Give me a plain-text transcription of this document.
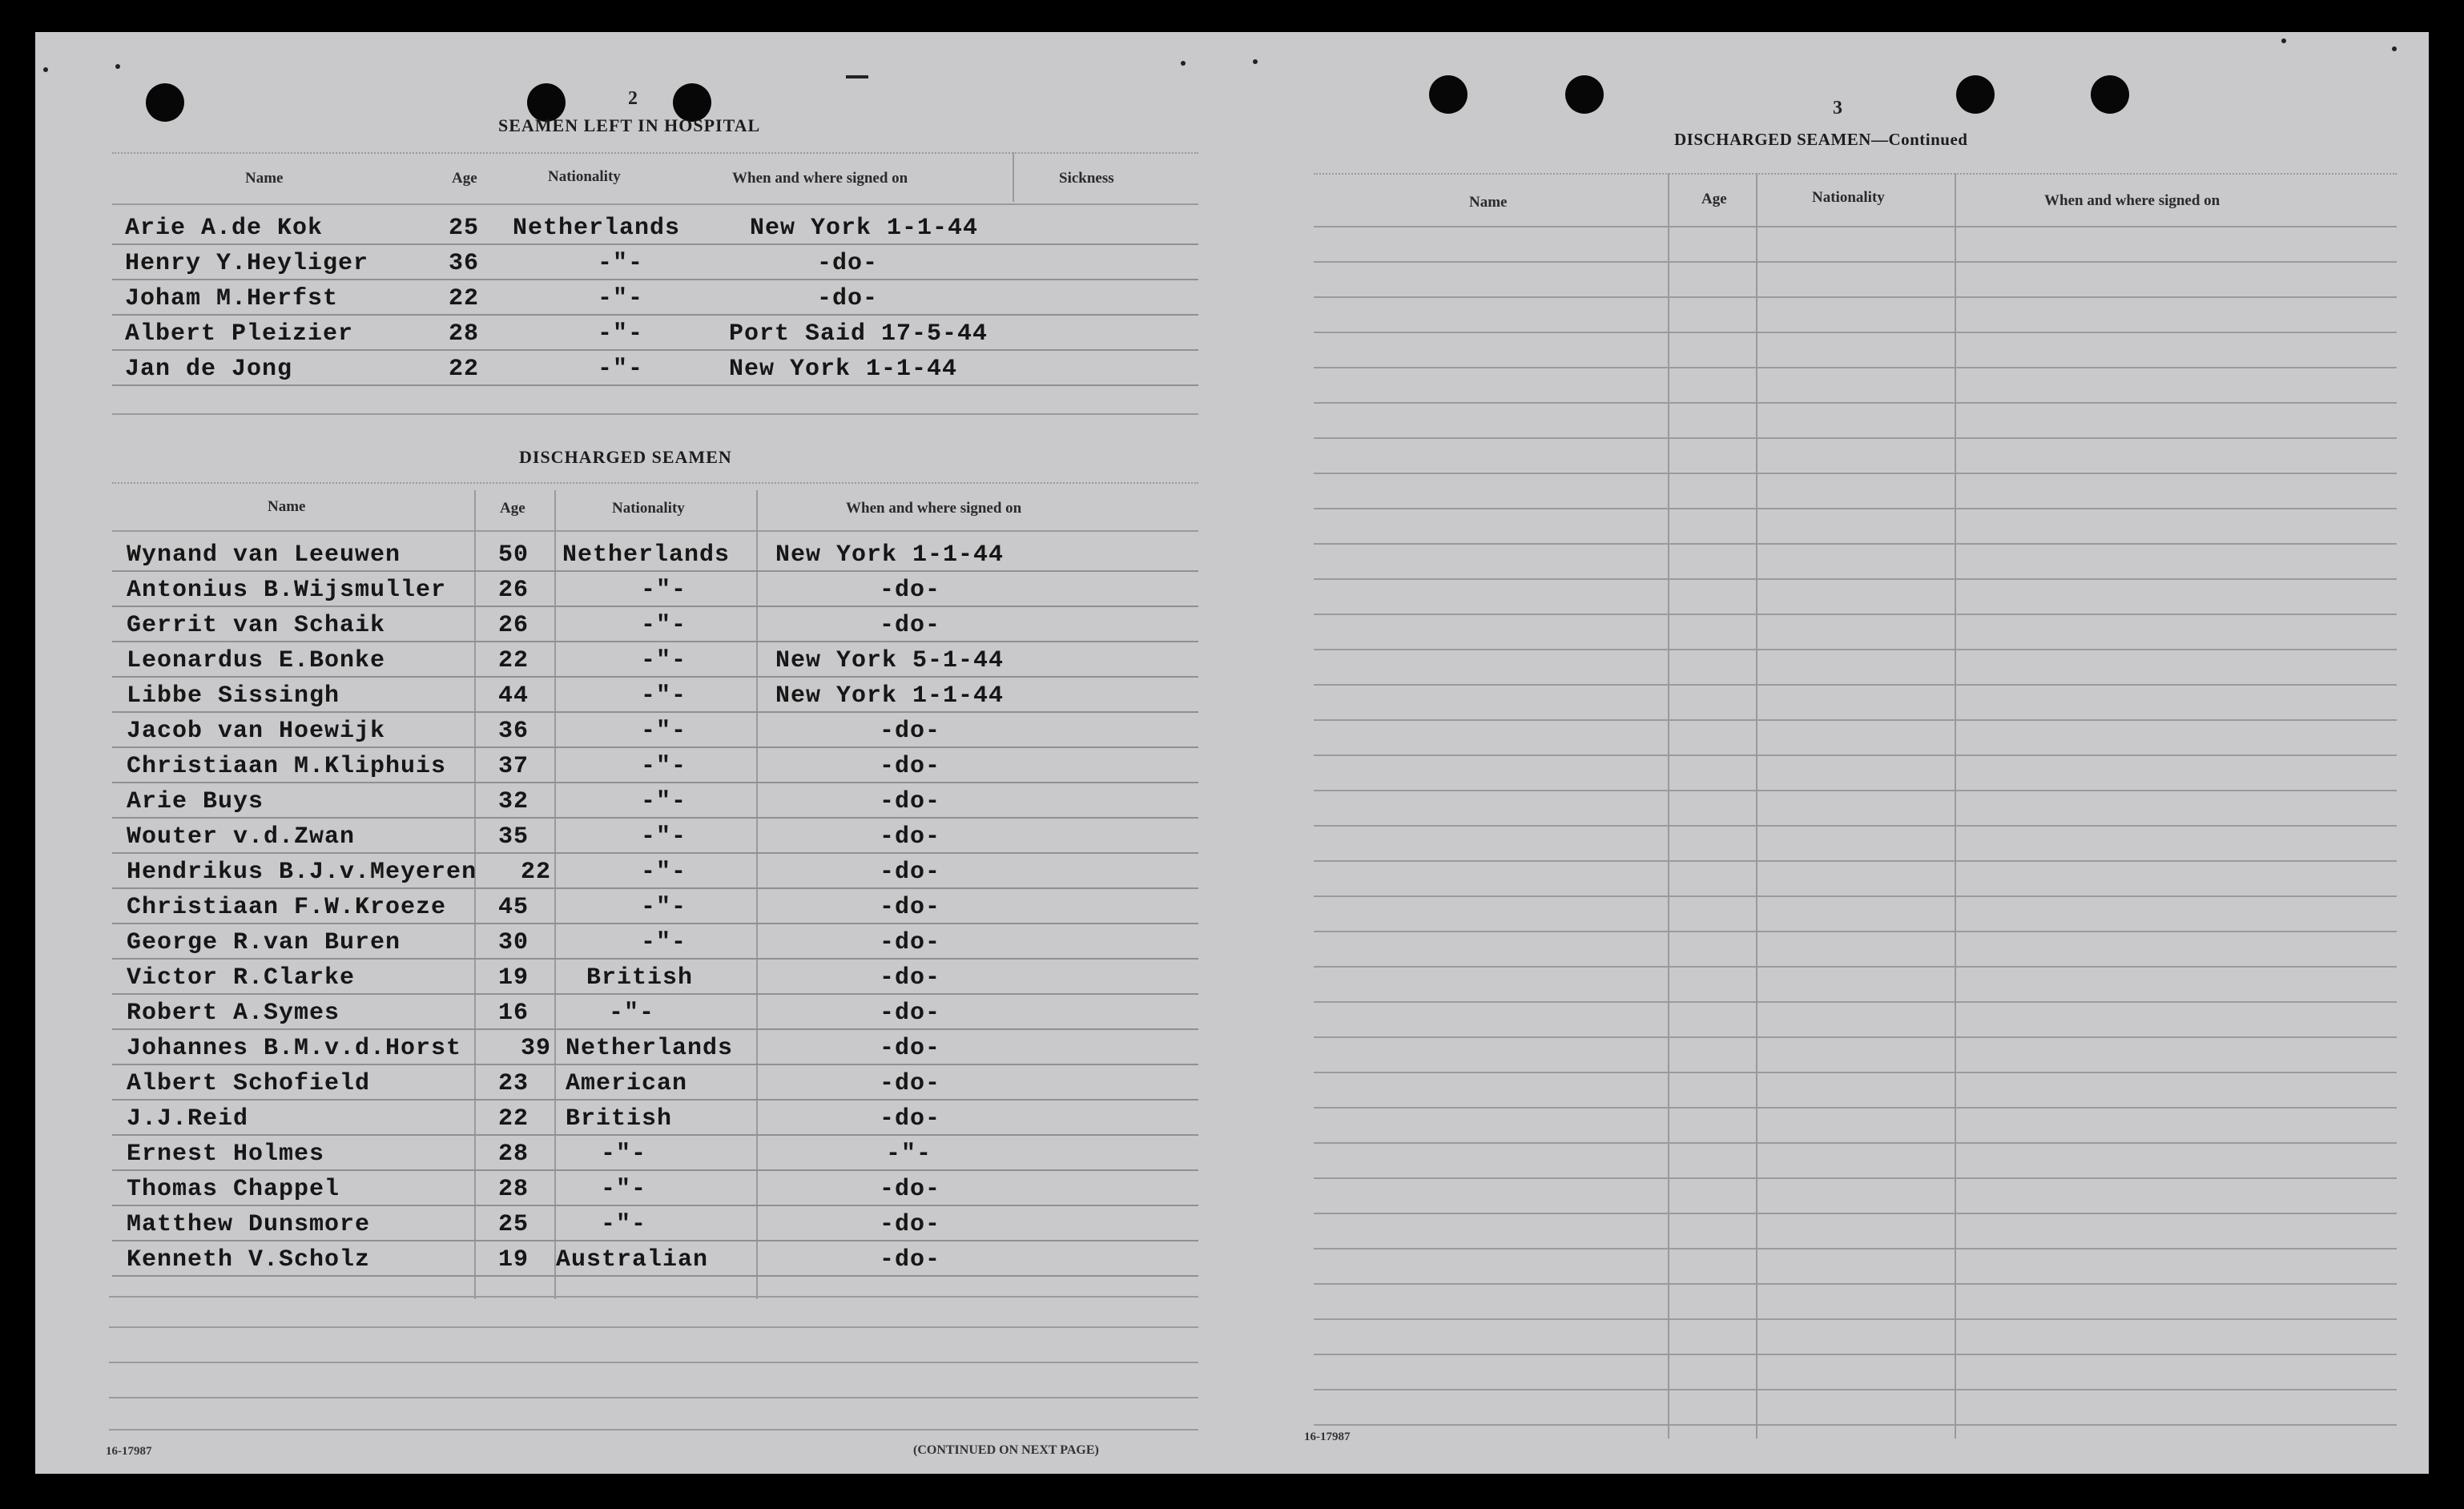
2
SEAMEN LEFT IN HOSPITAL
Name	Age	Nationality	When and where signed on	Sickness
Arie A.de Kok	25 Netherlands	New York 1-1-44
Henry Y.Heyliger	36	-"-	-do-
Joham M.Herfst	22	-"-	-do-
Albert Pleizier	28	-"-	Port Said 17-5-44
Jan de Jong	22	-"-	New York 1-1-44
DISCHARGED SEAMEN
Name	Age	Nationality	When and where signed on
Wynand van Leeuwen	50 Netherlands New York 1-1-44
Antonius B.Wijsmuller 26	-"-	-do-
Gerrit van Schaik	26	-"-	-do-
Leonardus E.Bonke	22	-"-	New York 5-1-44
Libbe Sissingh	44	-"-	New York 1-1-44
Jacob van Hoewijk	36	-"-	-do-
Christiaan M.Kliphuis 37	-"-	-do-
Arie Buys	32	-"-	-do-
Wouter v.d.Zwan	35	-"-	-do-
Hendrikus B.J.v.Meyeren 22	-"-	-do-
Christiaan F.W.Kroeze 45	-"-	-do-
George R.van Buren	30	-"-	-do-
Victor R.Clarke	19 British	-do-
Robert A.Symes	16	-"-	-do-
Johannes B.M.v.d.Horst 39 Netherlands	-do-
Albert Schofield	23 American	-do-
J.J.Reid	22 British	-do-
Ernest Holmes	28	-"-	-"-
Thomas Chappel	28	-"-	-do-
Matthew Dunsmore	25	-"-	-do-
Kenneth V.Scholz	19 Australian	-do-
16-17987	(CONTINUED ON NEXT PAGE)
3
DISCHARGED SEAMEN—Continued
Name	Age	Nationality	When and where signed on
16-17987
